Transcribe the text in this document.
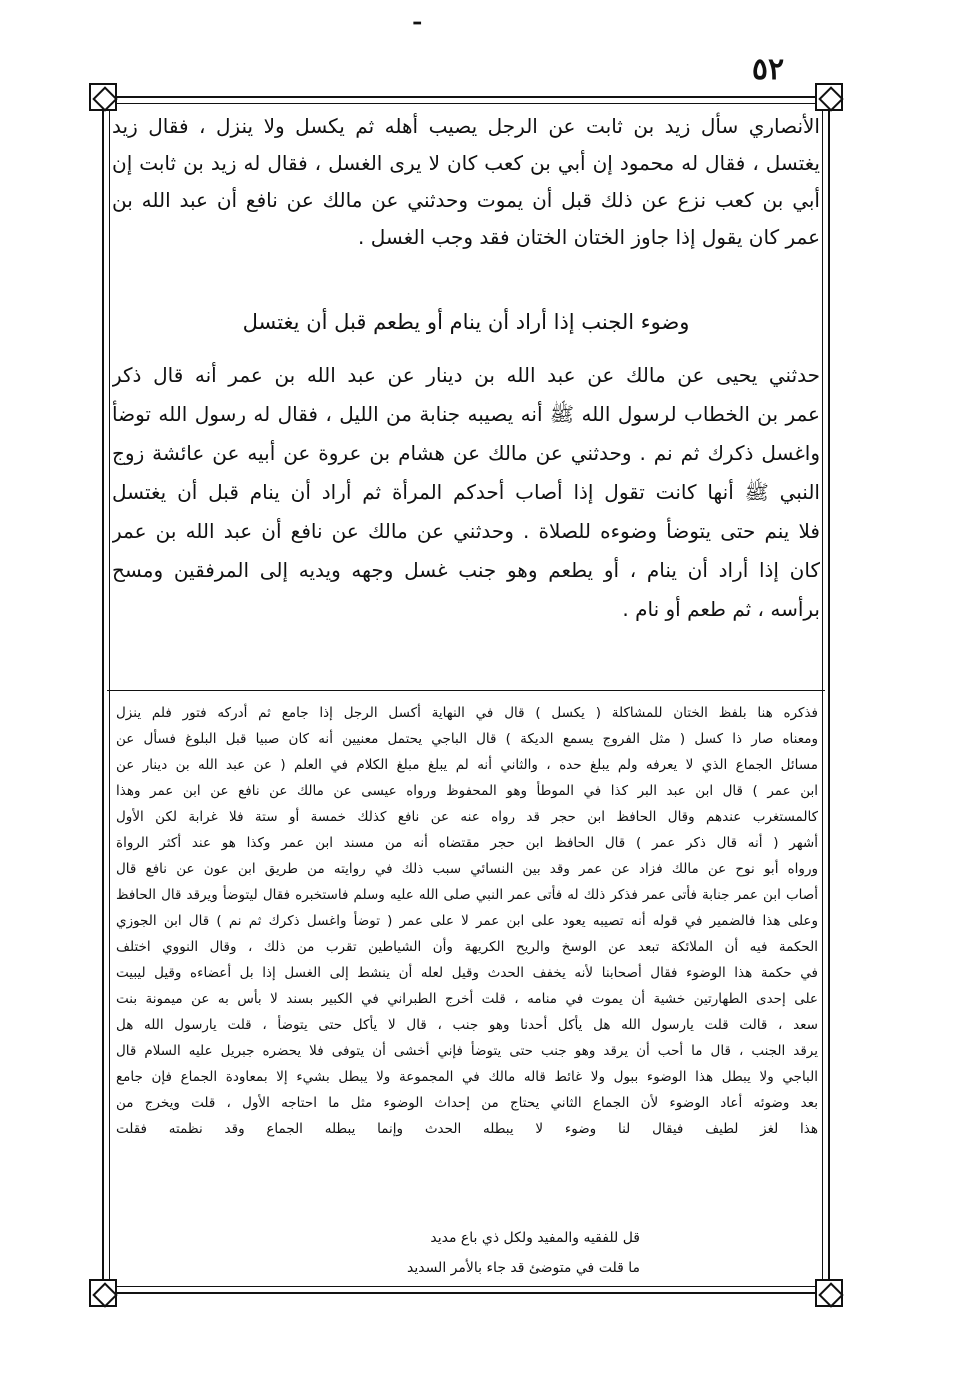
ـ
٥٢
الأنصاري سأل زيد بن ثابت عن الرجل يصيب أهله ثم يكسل ولا ينزل ، فقال زيد
يغتسل ، فقال له محمود إن أبي بن كعب كان لا يرى الغسل ، فقال له زيد بن ثابت إن
أبي بن كعب نزع عن ذلك قبل أن يموت وحدثني عن مالك عن نافع أن عبد الله بن
عمر كان يقول إذا جاوز الختان الختان فقد وجب الغسل .
وضوء الجنب إذا أراد أن ينام أو يطعم قبل أن يغتسل
حدثني يحيى عن مالك عن عبد الله بن دينار عن عبد الله بن عمر أنه قال ذكر
عمر بن الخطاب لرسول الله ﷺ أنه يصيبه جنابة من الليل ، فقال له رسول الله توضأ
واغسل ذكرك ثم نم . وحدثني عن مالك عن هشام بن عروة عن أبيه عن عائشة زوج
النبي ﷺ أنها كانت تقول إذا أصاب أحدكم المرأة ثم أراد أن ينام قبل أن يغتسل
فلا ينم حتى يتوضأ وضوءه للصلاة . وحدثني عن مالك عن نافع أن عبد الله بن عمر
كان إذا أراد أن ينام ، أو يطعم وهو جنب غسل وجهه ويديه إلى المرفقين ومسح
برأسه ، ثم طعم أو نام .
فذكره هنا بلفظ الختان للمشاكلة ( يكسل ) قال في النهاية أكسل الرجل إذا جامع ثم أدركه فتور فلم ينزل
ومعناه صار ذا كسل ( مثل الفروج يسمع الديكة ) قال الباجي يحتمل معنيين أنه كان صبيا قبل البلوغ فسأل عن
مسائل الجماع الذي لا يعرفه ولم يبلغ حده ، والثاني أنه لم يبلغ مبلغ الكلام في العلم ( عن عبد الله بن دينار عن
ابن عمر ) قال ابن عبد البر كذا في الموطأ وهو المحفوظ ورواه عيسى عن مالك عن نافع عن ابن عمر وهذا
كالمستغرب عندهم وقال الحافظ ابن حجر قد رواه عنه عن نافع كذلك خمسة أو ستة فلا غرابة لكن الأول
أشهر ( أنه قال ذكر عمر ) قال الحافظ ابن حجر مقتضاه أنه من مسند ابن عمر وكذا هو عند أكثر الرواة
ورواه أبو نوح عن مالك فزاد عن عمر وقد بين النسائي سبب ذلك في روايته من طريق ابن عون عن نافع قال
أصاب ابن عمر جنابة فأتى عمر فذكر ذلك له فأتى عمر النبي صلى الله عليه وسلم فاستخبره فقال ليتوضأ ويرقد قال الحافظ
وعلى هذا فالضمير في قوله أنه تصيبه يعود على ابن عمر لا على عمر ( توضأ واغسل ذكرك ثم نم ) قال ابن الجوزي
الحكمة فيه أن الملائكة تبعد عن الوسخ والريح الكريهة وأن الشياطين تقرب من ذلك ، وقال النووي اختلف
في حكمة هذا الوضوء فقال أصحابنا لأنه يخفف الحدث وقيل لعله أن ينشط إلى الغسل إذا بل أعضاءه وقيل ليبيت
على إحدى الطهارتين خشية أن يموت في منامه ، قلت أخرج الطبراني في الكبير بسند لا بأس به عن ميمونة بنت
سعد ، قالت قلت يارسول الله هل يأكل أحدنا وهو جنب ، قال لا يأكل حتى يتوضأ ، قلت يارسول الله هل
يرقد الجنب ، قال ما أحب أن يرقد وهو جنب حتى يتوضأ فإني أخشى أن يتوفى فلا يحضره جبريل عليه السلام قال
الباجي ولا يبطل هذا الوضوء ببول ولا غائط قاله مالك في المجموعة ولا يبطل بشيء إلا بمعاودة الجماع فإن جامع
بعد وضوئه أعاد الوضوء لأن الجماع الثاني يحتاج من إحداث الوضوء مثل ما احتاجه الأول ، قلت ويخرج من
هذا لغز لطيف فيقال لنا وضوء لا يبطله الحدث وإنما يبطله الجماع وقد نظمته فقلت
قل للفقيه والمفيد ولكل ذي باع مديد
ما قلت في متوضئ قد جاء بالأمر السديد
